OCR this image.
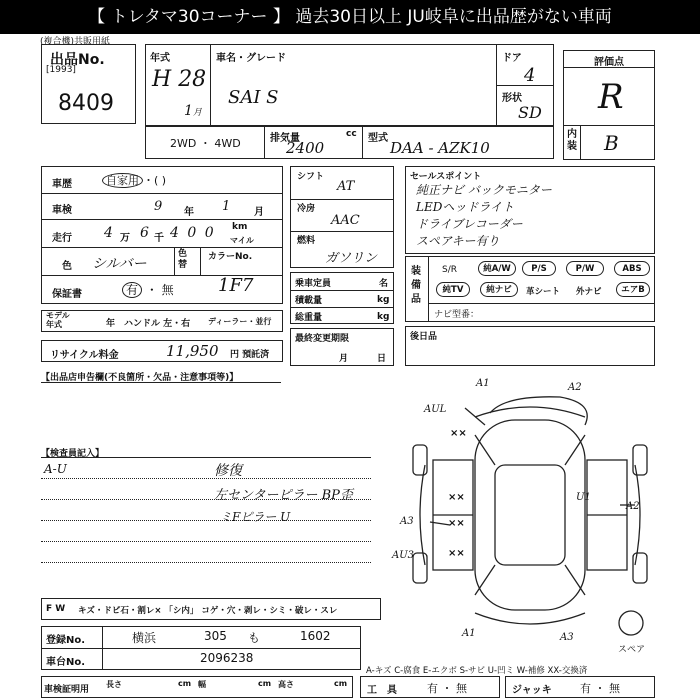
【 トレタマ30コーナー 】 過去30日以上 JU岐阜に出品歴がない車両
(複合機)共販用紙
出品No.
[1993]
8409
年式
H 28
1月
車名・グレード
SAI S
ドア
4
形状
SD
評価点
R
内装 B
2WD ・ 4WD	排気量	cc
2400
型式
DAA - AZK10
車歴	自家用 ・( )
車検	9 年 1 月
走行 4 万 6 千 4 0 0 km
マイル
色 シルバー
色替
カラーNo.
保証書	有 ・ 無 1F7
モデル年式	年 ハンドル 左・右 ディーラー・並行
リサイクル料金	11,950 円 預託済
シフト
AT
冷房
AAC
燃料
ガソリン
乗車定員	名
積載量	kg
総重量	kg
最終変更期限
月	日
セールスポイント
純正ナビ バックモニター
LEDヘッドライト
ドライブレコーダー
スペアキー有り
装備品
S/R	純A/W	P/S	P/W	ABS
純TV	純ナビ	革シート 外ナビ	エアB
ナビ型番：
後日品
【出品店申告欄(不良箇所・欠品・注意事項等)】
【検査員記入】
A-U	修復
左センターピラー BP歪
ミFピラー U
F W キズ・ドビ石・割レ× 「シ内」 コゲ・穴・剥レ・シミ・破レ・スレ
A1	A2
AUL
××
××
××
××
U1
A2
A3
AU3
A1	A3
スペア
登録No.	横浜	305 も	1602
車台No.	2096238
A-キズ C-腐食 E-エクボ S-サビ U-凹ミ W-補修 XX-交換済
車検証明用
長さ	cm 幅	cm 高さ	cm
工　具	有 ・ 無	ジャッキ	有 ・ 無
